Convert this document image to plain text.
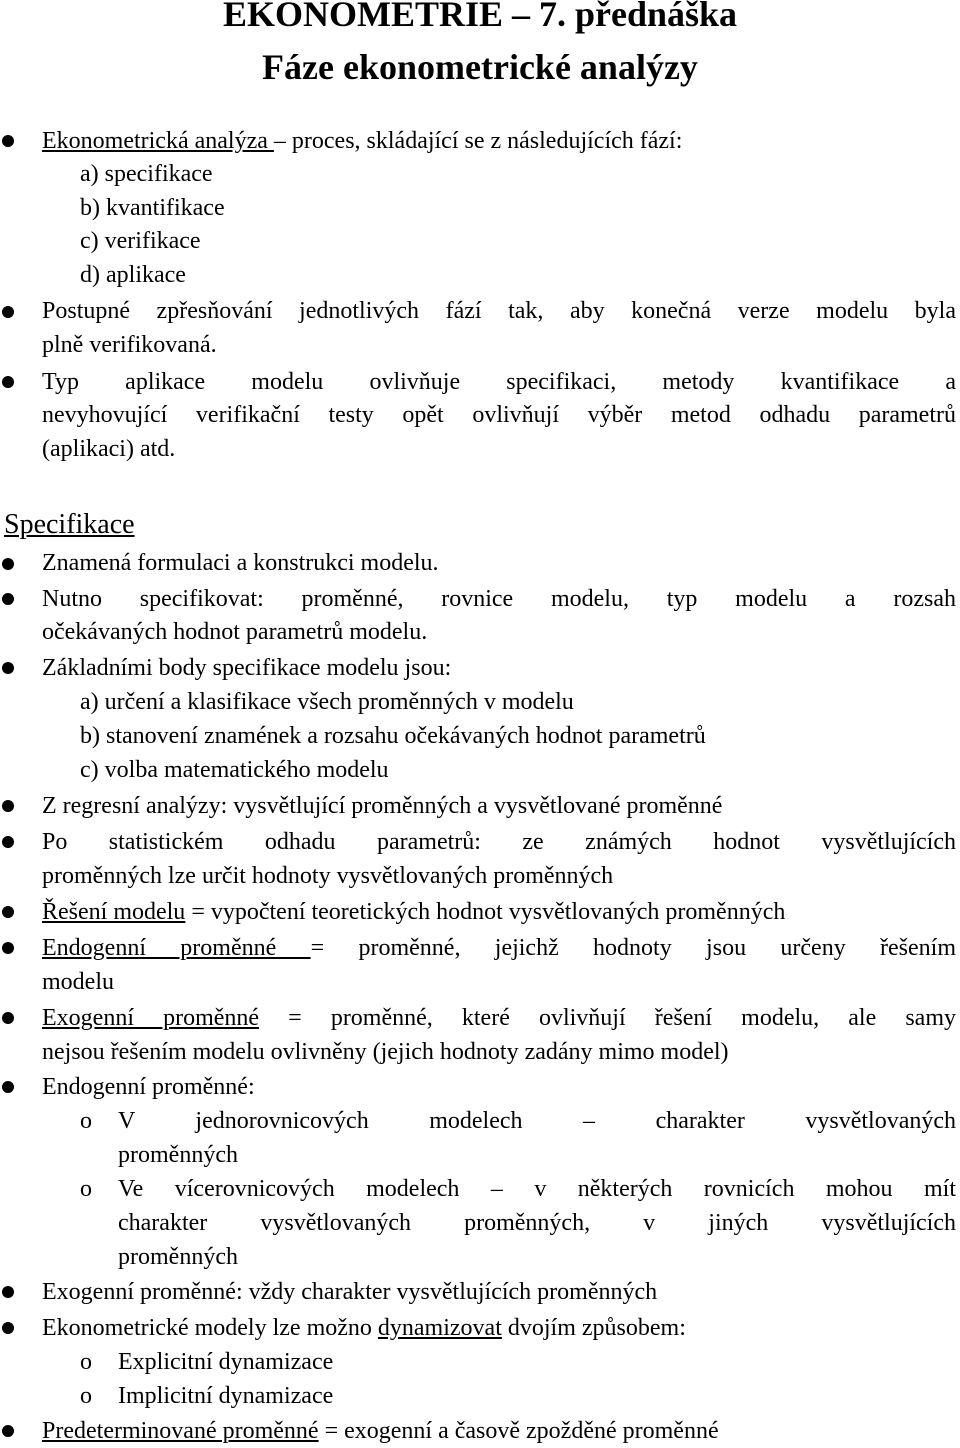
EKONOMETRIE – 7. přednáška
Fáze ekonometrické analýzy
Ekonometrická analýza – proces, skládající se z následujících fází:
a) specifikace
b) kvantifikace
c) verifikace
d) aplikace
Postupné zpřesňování jednotlivých fází tak, aby konečná verze modelu byla
plně verifikovaná.
Typ aplikace modelu ovlivňuje specifikaci, metody kvantifikace a
nevyhovující verifikační testy opět ovlivňují výběr metod odhadu parametrů
(aplikaci) atd.
Specifikace
Znamená formulaci a konstrukci modelu.
Nutno specifikovat: proměnné, rovnice modelu, typ modelu a rozsah
očekávaných hodnot parametrů modelu.
Základními body specifikace modelu jsou:
a) určení a klasifikace všech proměnných v modelu
b) stanovení znamének a rozsahu očekávaných hodnot parametrů
c) volba matematického modelu
Z regresní analýzy: vysvětlující proměnných a vysvětlované proměnné
Po statistickém odhadu parametrů: ze známých hodnot vysvětlujících
proměnných lze určit hodnoty vysvětlovaných proměnných
Řešení modelu = vypočtení teoretických hodnot vysvětlovaných proměnných
Endogenní proměnné = proměnné, jejichž hodnoty jsou určeny řešením
modelu
Exogenní proměnné = proměnné, které ovlivňují řešení modelu, ale samy
nejsou řešením modelu ovlivněny (jejich hodnoty zadány mimo model)
Endogenní proměnné:
o	V jednorovnicových modelech – charakter vysvětlovaných
proměnných
o	Ve vícerovnicových modelech – v některých rovnicích mohou mít
charakter vysvětlovaných proměnných, v jiných vysvětlujících
proměnných
Exogenní proměnné: vždy charakter vysvětlujících proměnných
Ekonometrické modely lze možno dynamizovat dvojím způsobem:
o	Explicitní dynamizace
o	Implicitní dynamizace
Predeterminované proměnné = exogenní a časově zpožděné proměnné
